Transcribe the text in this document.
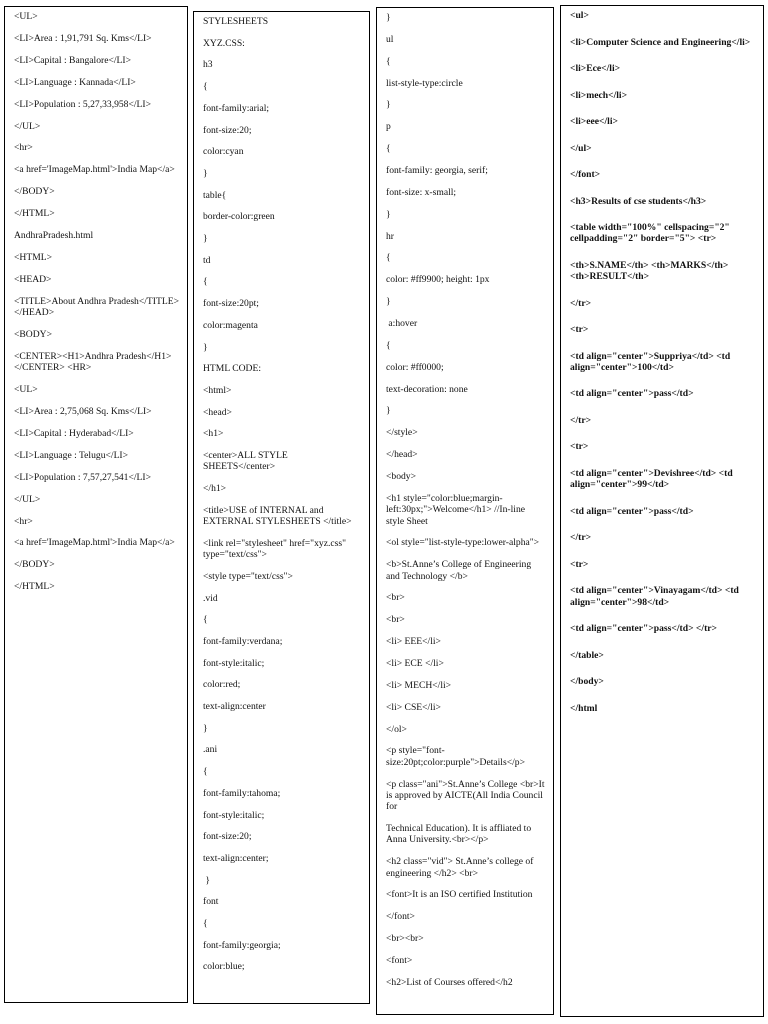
<UL>
<LI>Area : 1,91,791 Sq. Kms</LI>
<LI>Capital : Bangalore</LI>
<LI>Language : Kannada</LI>
<LI>Population : 5,27,33,958</LI>
</UL>
<hr>
<a href='ImageMap.html'>India Map</a>
</BODY>
</HTML>
AndhraPradesh.html
<HTML>
<HEAD>
<TITLE>About Andhra Pradesh</TITLE> </HEAD>
<BODY>
<CENTER><H1>Andhra Pradesh</H1></CENTER> <HR>
<UL>
<LI>Area : 2,75,068 Sq. Kms</LI>
<LI>Capital : Hyderabad</LI>
<LI>Language : Telugu</LI>
<LI>Population : 7,57,27,541</LI>
</UL>
<hr>
<a href='ImageMap.html'>India Map</a>
</BODY>
</HTML>
STYLESHEETS
XYZ.CSS:
h3
{
font-family:arial;
font-size:20;
color:cyan
}
table{
border-color:green
}
td
{
font-size:20pt;
color:magenta
}
HTML CODE:
<html>
<head>
<h1>
<center>ALL STYLE SHEETS</center>
</h1>
<title>USE of INTERNAL and EXTERNAL STYLESHEETS </title>
<link rel="stylesheet" href="xyz.css" type="text/css">
<style type="text/css">
.vid
{
font-family:verdana;
font-style:italic;
color:red;
text-align:center
}
.ani
{
font-family:tahoma;
font-style:italic;
font-size:20;
text-align:center;
}
font
{
font-family:georgia;
color:blue;
}
ul
{
list-style-type:circle
}
p
{
font-family: georgia, serif;
font-size: x-small;
}
hr
{
color: #ff9900; height: 1px
}
a:hover
{
color: #ff0000;
text-decoration: none
}
</style>
</head>
<body>
<h1 style="color:blue;margin-left:30px;">Welcome</h1> //In-line style Sheet
<ol style="list-style-type:lower-alpha">
<b>St.Anne’s College of Engineering and Technology </b>
<br>
<br>
<li> EEE</li>
<li> ECE </li>
<li> MECH</li>
<li> CSE</li>
</ol>
<p style="font-size:20pt;color:purple">Details</p>
<p class="ani">St.Anne’s College <br>It is approved by AICTE(All India Council for
Technical Education). It is affliated to Anna University.<br></p>
<h2 class="vid"> St.Anne’s college of engineering </h2> <br>
<font>It is an ISO certified Institution
</font>
<br><br>
<font>
<h2>List of Courses offered</h2
<ul>
<li>Computer Science and Engineering</li>
<li>Ece</li>
<li>mech</li>
<li>eee</li>
</ul>
</font>
<h3>Results of cse students</h3>
<table width="100%" cellspacing="2" cellpadding="2" border="5"> <tr>
<th>S.NAME</th> <th>MARKS</th> <th>RESULT</th>
</tr>
<tr>
<td align="center">Suppriya</td> <td align="center">100</td>
<td align="center">pass</td>
</tr>
<tr>
<td align="center">Devishree</td> <td align="center">99</td>
<td align="center">pass</td>
</tr>
<tr>
<td align="center">Vinayagam</td> <td align="center">98</td>
<td align="center">pass</td> </tr>
</table>
</body>
</html
